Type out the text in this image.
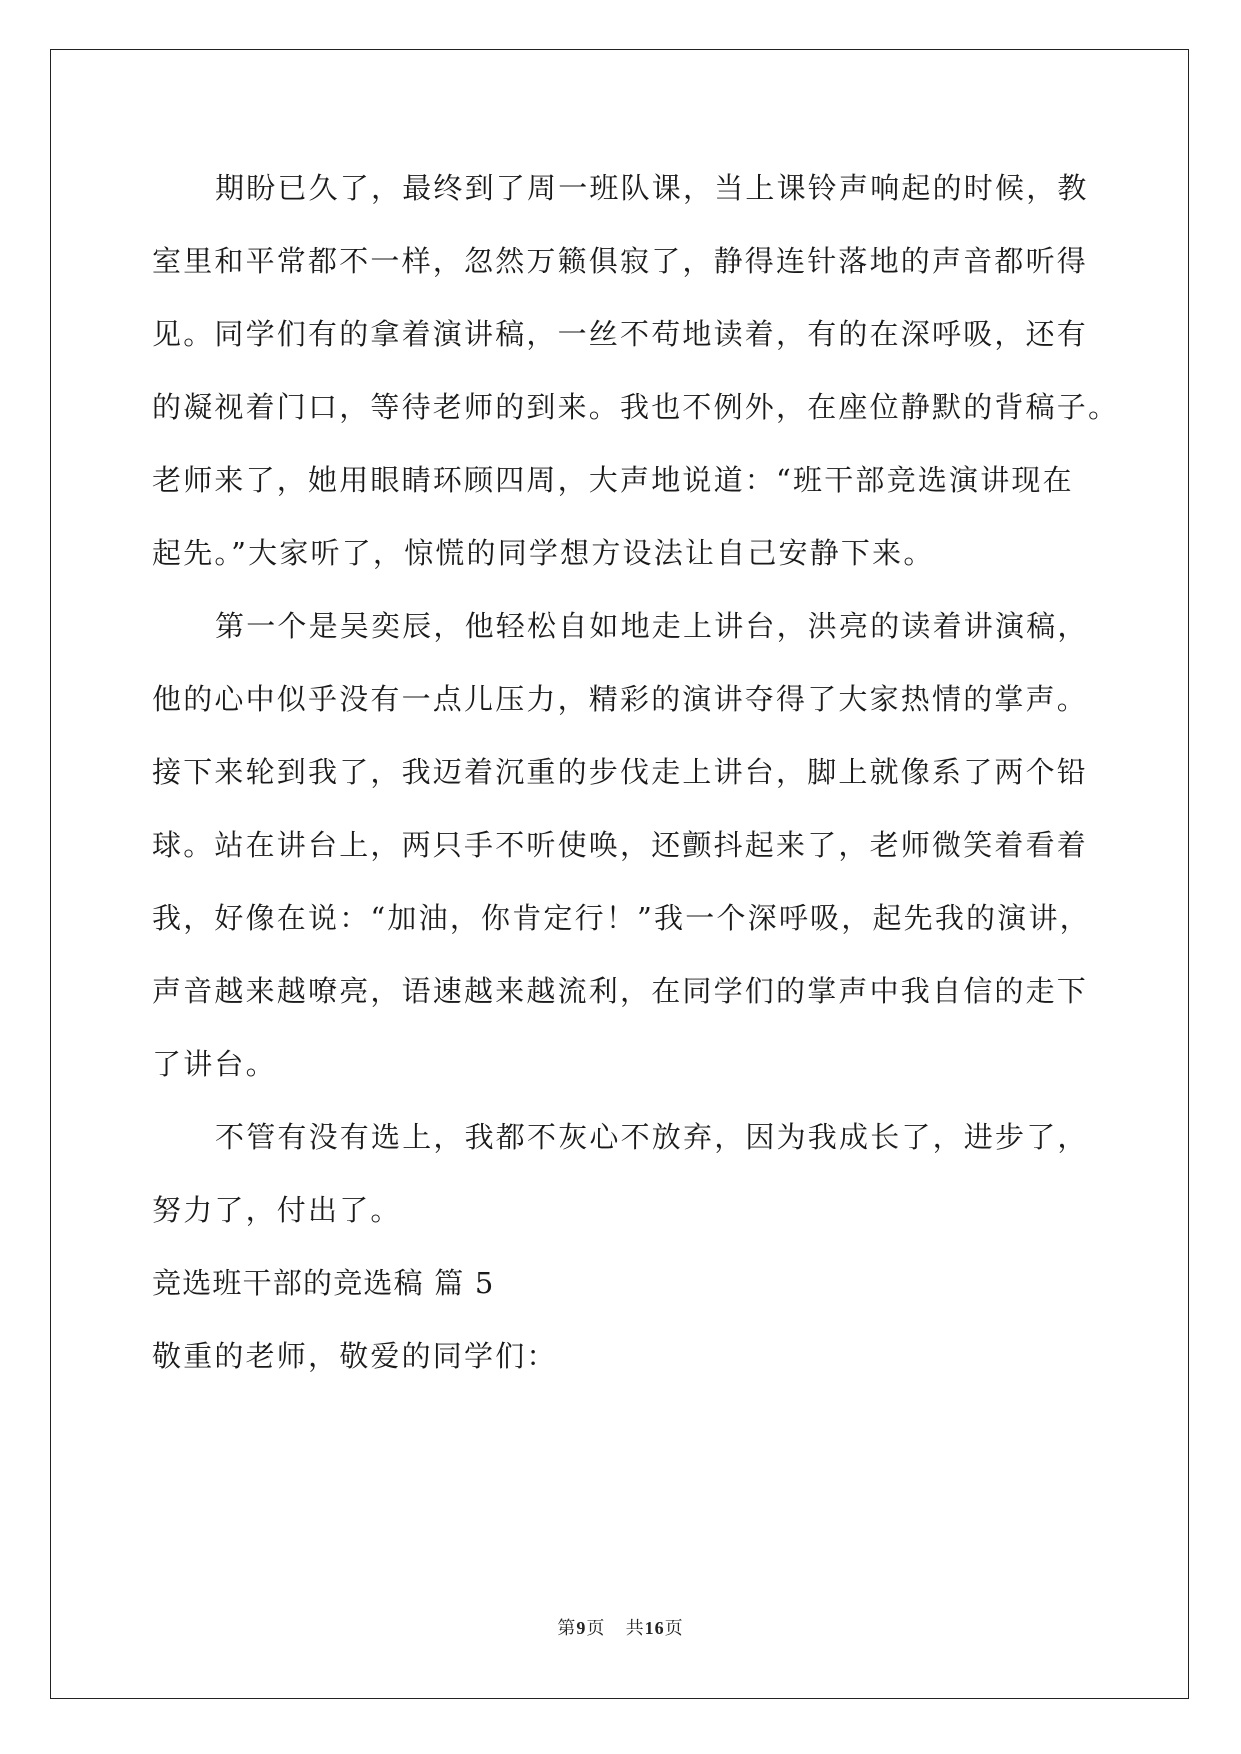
期盼已久了，最终到了周一班队课，当上课铃声响起的时候，教
室里和平常都不一样，忽然万籁俱寂了，静得连针落地的声音都听得
见。同学们有的拿着演讲稿，一丝不苟地读着，有的在深呼吸，还有
的凝视着门口，等待老师的到来。我也不例外，在座位静默的背稿子。
老师来了，她用眼睛环顾四周，大声地说道：“班干部竞选演讲现在
起先。”大家听了，惊慌的同学想方设法让自己安静下来。
第一个是吴奕辰，他轻松自如地走上讲台，洪亮的读着讲演稿，
他的心中似乎没有一点儿压力，精彩的演讲夺得了大家热情的掌声。
接下来轮到我了，我迈着沉重的步伐走上讲台，脚上就像系了两个铅
球。站在讲台上，两只手不听使唤，还颤抖起来了，老师微笑着看着
我，好像在说：“加油，你肯定行！”我一个深呼吸，起先我的演讲，
声音越来越嘹亮，语速越来越流利，在同学们的掌声中我自信的走下
了讲台。
不管有没有选上，我都不灰心不放弃，因为我成长了，进步了，
努力了，付出了。
竞选班干部的竞选稿 篇 5
敬重的老师，敬爱的同学们：
第9页 共16页
